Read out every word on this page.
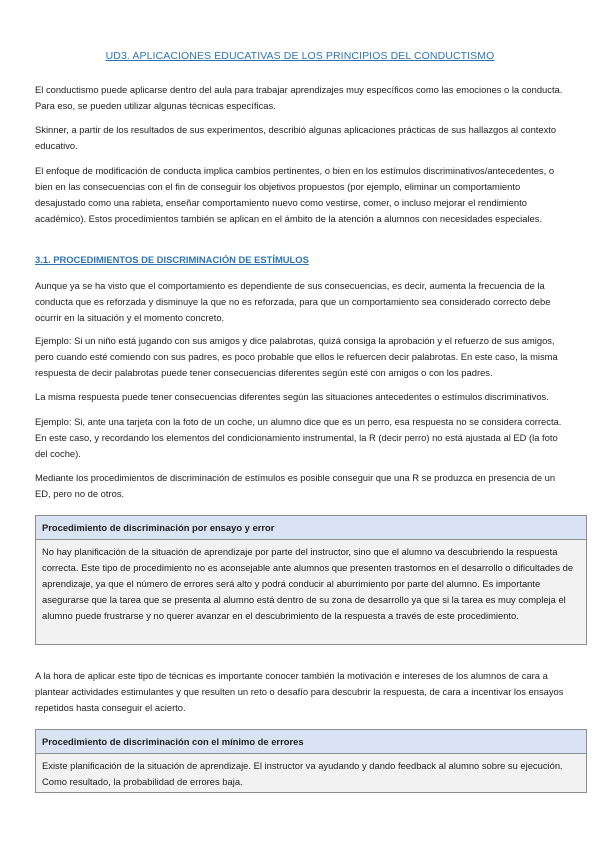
UD3. APLICACIONES EDUCATIVAS DE LOS PRINCIPIOS DEL CONDUCTISMO

El conductismo puede aplicarse dentro del aula para trabajar aprendizajes muy específicos como las emociones o la conducta. Para eso, se pueden utilizar algunas técnicas específicas.

Skinner, a partir de los resultados de sus experimentos, describió algunas aplicaciones prácticas de sus hallazgos al contexto educativo.

El enfoque de modificación de conducta implica cambios pertinentes, o bien en los estímulos discriminativos/antecedentes, o bien en las consecuencias con el fin de conseguir los objetivos propuestos (por ejemplo, eliminar un comportamiento desajustado como una rabieta, enseñar comportamiento nuevo como vestirse, comer, o incluso mejorar el rendimiento académico). Estos procedimientos también se aplican en el ámbito de la atención a alumnos con necesidades especiales.

3.1. PROCEDIMIENTOS DE DISCRIMINACIÓN DE ESTÍMULOS

Aunque ya se ha visto que el comportamiento es dependiente de sus consecuencias, es decir, aumenta la frecuencia de la conducta que es reforzada y disminuye la que no es reforzada, para que un comportamiento sea considerado correcto debe ocurrir en la situación y el momento concreto.

Ejemplo: Si un niño está jugando con sus amigos y dice palabrotas, quizá consiga la aprobación y el refuerzo de sus amigos, pero cuando esté comiendo con sus padres, es poco probable que ellos le refuercen decir palabrotas. En este caso, la misma respuesta de decir palabrotas puede tener consecuencias diferentes según esté con amigos o con los padres.

La misma respuesta puede tener consecuencias diferentes según las situaciones antecedentes o estímulos discriminativos.

Ejemplo: Si, ante una tarjeta con la foto de un coche, un alumno dice que es un perro, esa respuesta no se considera correcta. En este caso, y recordando los elementos del condicionamiento instrumental, la R (decir perro) no está ajustada al ED (la foto del coche).

Mediante los procedimientos de discriminación de estímulos es posible conseguir que una R se produzca en presencia de un ED, pero no de otros.

Procedimiento de discriminación por ensayo y error
No hay planificación de la situación de aprendizaje por parte del instructor, sino que el alumno va descubriendo la respuesta correcta. Este tipo de procedimiento no es aconsejable ante alumnos que presenten trastornos en el desarrollo o dificultades de aprendizaje, ya que el número de errores será alto y podrá conducir al aburrimiento por parte del alumno. Es importante asegurarse que la tarea que se presenta al alumno está dentro de su zona de desarrollo ya que si la tarea es muy compleja el alumno puede frustrarse y no querer avanzar en el descubrimiento de la respuesta a través de este procedimiento.

A la hora de aplicar este tipo de técnicas es importante conocer también la motivación e intereses de los alumnos de cara a plantear actividades estimulantes y que resulten un reto o desafío para descubrir la respuesta, de cara a incentivar los ensayos repetidos hasta conseguir el acierto.

Procedimiento de discriminación con el mínimo de errores
Existe planificación de la situación de aprendizaje. El instructor va ayudando y dando feedback al alumno sobre su ejecución. Como resultado, la probabilidad de errores baja.
